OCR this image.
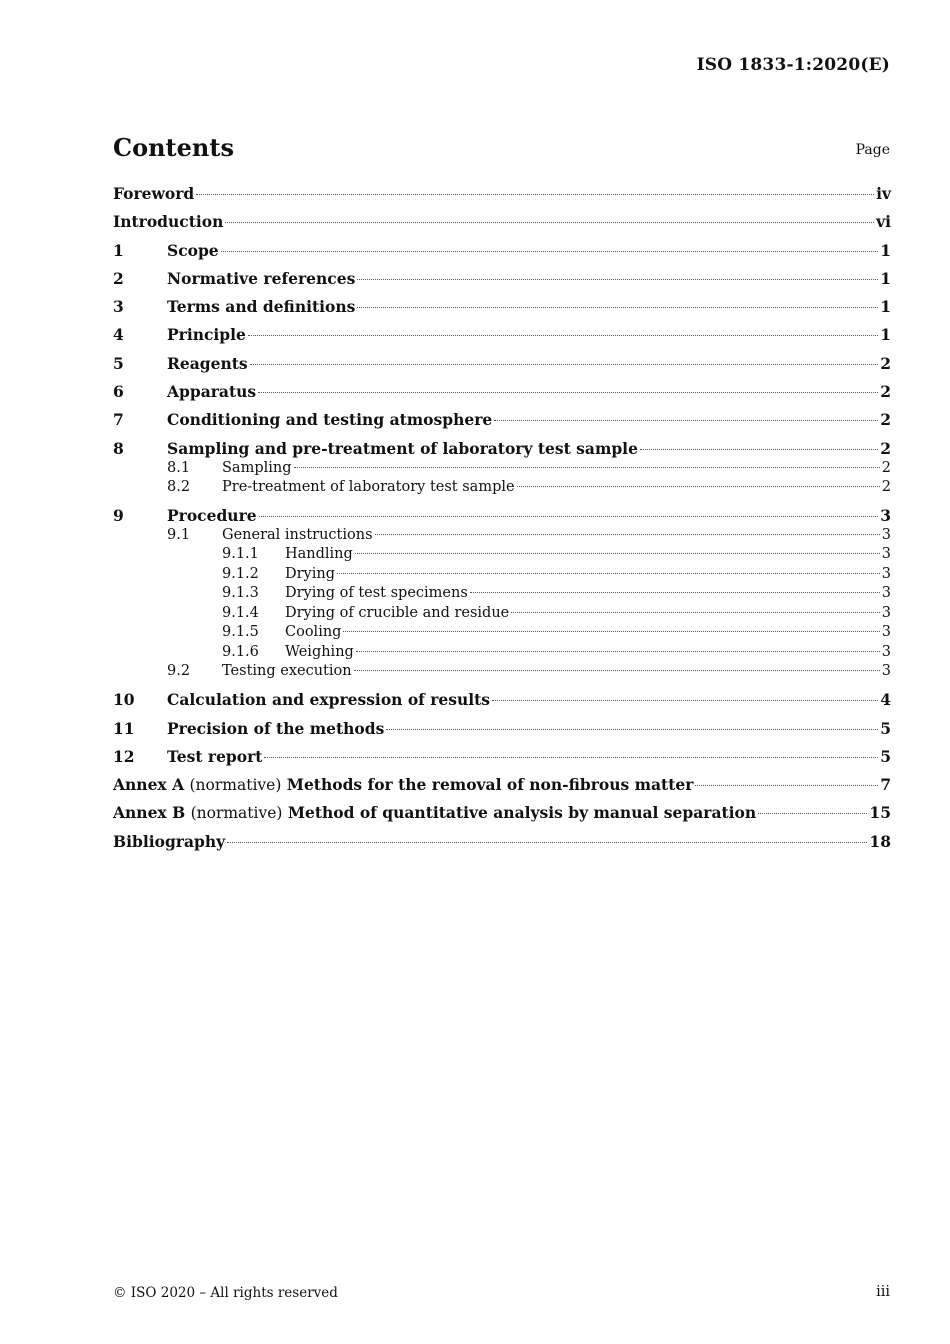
ISO 1833-1:2020(E)
Contents	Page
Foreword	iv
Introduction	vi
1	Scope	1
2	Normative references	1
3	Terms and definitions	1
4	Principle	1
5	Reagents	2
6	Apparatus	2
7	Conditioning and testing atmosphere	2
8	Sampling and pre-treatment of laboratory test sample	2
8.1	Sampling	2
8.2	Pre-treatment of laboratory test sample	2
9	Procedure	3
9.1	General instructions	3
9.1.1	Handling	3
9.1.2	Drying	3
9.1.3	Drying of test specimens	3
9.1.4	Drying of crucible and residue	3
9.1.5	Cooling	3
9.1.6	Weighing	3
9.2	Testing execution	3
10	Calculation and expression of results	4
11	Precision of the methods	5
12	Test report	5
Annex A (normative) Methods for the removal of non-fibrous matter	7
Annex B (normative) Method of quantitative analysis by manual separation	15
Bibliography	18
© ISO 2020 – All rights reserved	iii
